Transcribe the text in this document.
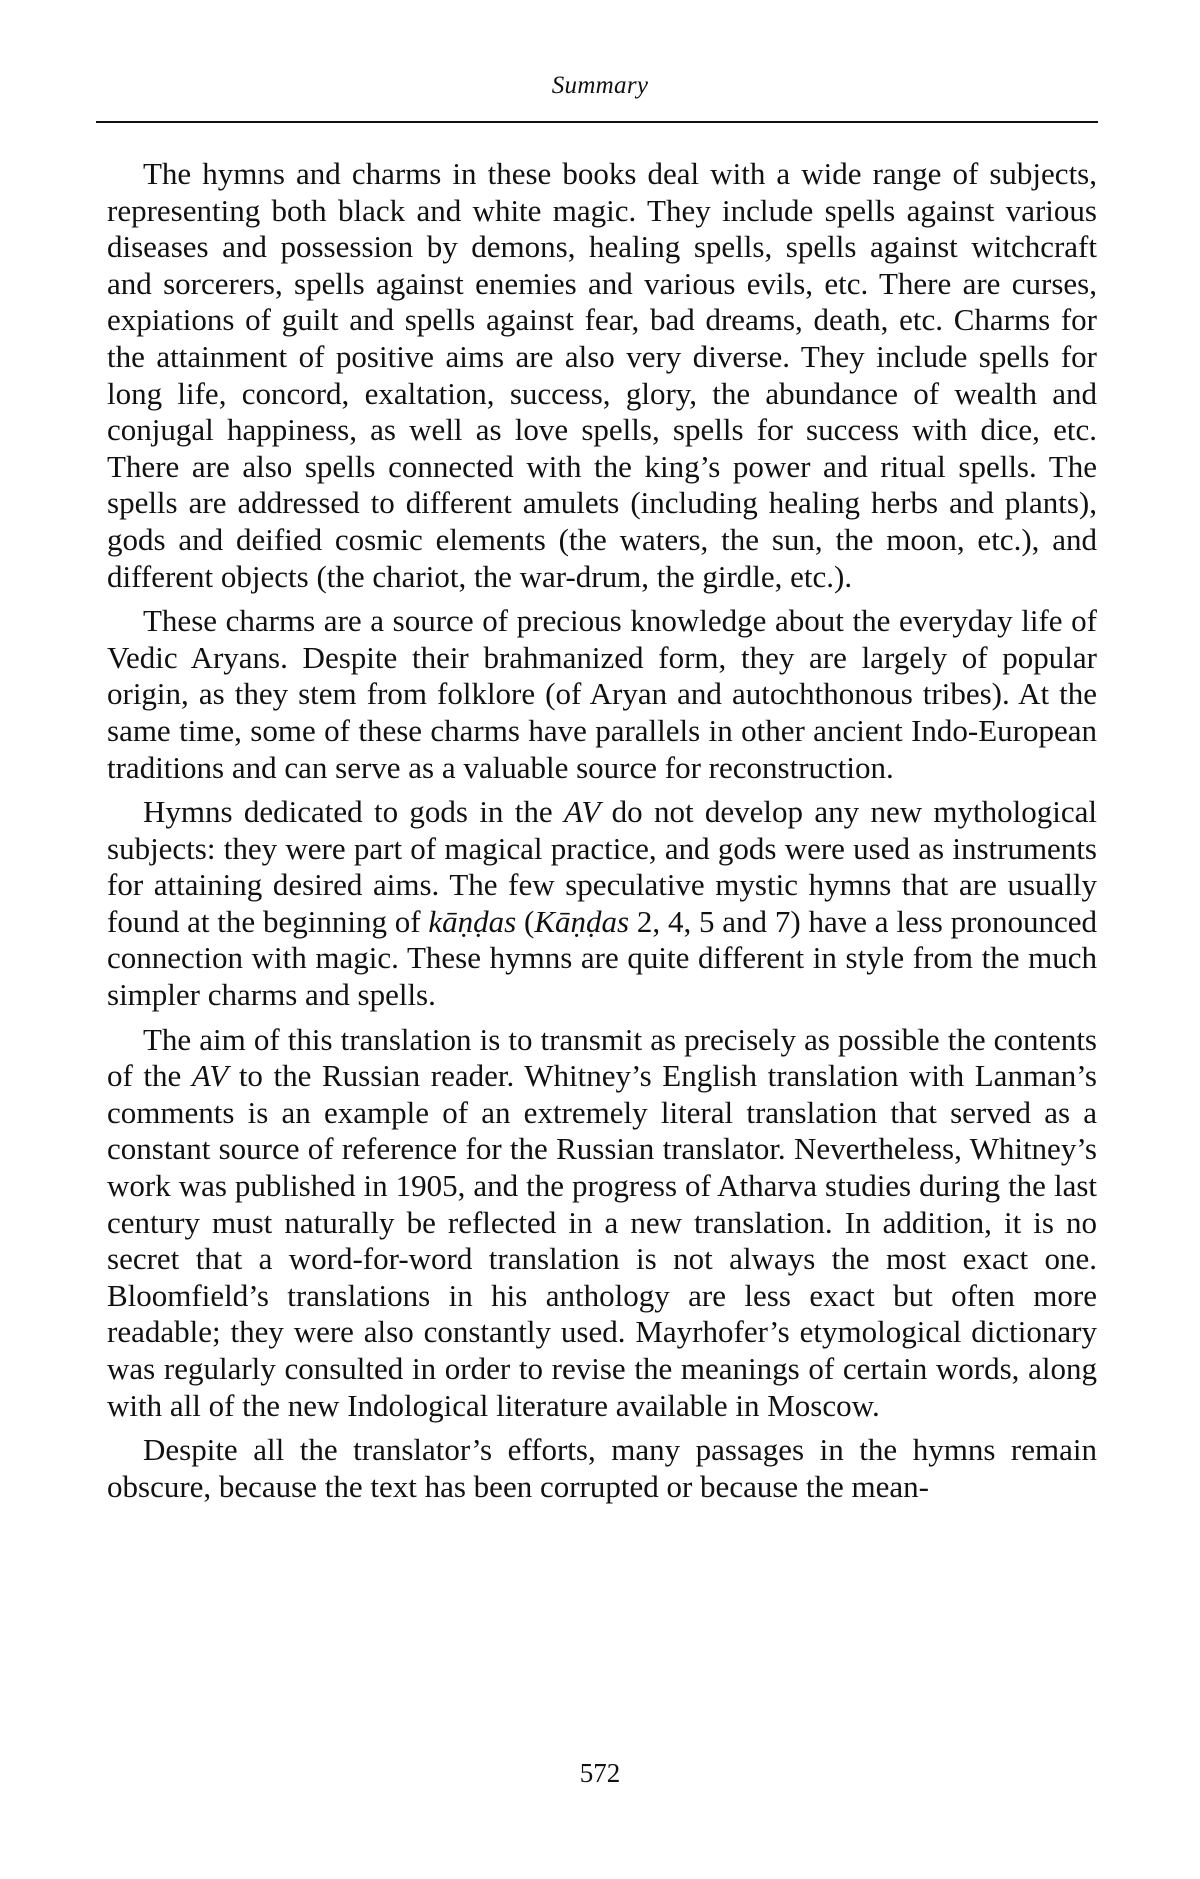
Summary

The hymns and charms in these books deal with a wide range of subjects, representing both black and white magic. They include spells against various diseases and possession by demons, healing spells, spells against witchcraft and sorcerers, spells against enemies and various evils, etc. There are curses, expiations of guilt and spells against fear, bad dreams, death, etc. Charms for the attainment of positive aims are also very diverse. They include spells for long life, concord, exaltation, success, glory, the abundance of wealth and conjugal happiness, as well as love spells, spells for success with dice, etc. There are also spells connected with the king’s power and ritual spells. The spells are addressed to different amulets (including healing herbs and plants), gods and deified cosmic elements (the waters, the sun, the moon, etc.), and different objects (the chariot, the war-drum, the girdle, etc.).

These charms are a source of precious knowledge about the everyday life of Vedic Aryans. Despite their brahmanized form, they are largely of popular origin, as they stem from folklore (of Aryan and autochthonous tribes). At the same time, some of these charms have parallels in other ancient Indo-European traditions and can serve as a valuable source for reconstruction.

Hymns dedicated to gods in the AV do not develop any new mythological subjects: they were part of magical practice, and gods were used as instruments for attaining desired aims. The few speculative mystic hymns that are usually found at the beginning of kāṇḍas (Kāṇḍas 2, 4, 5 and 7) have a less pronounced connection with magic. These hymns are quite different in style from the much simpler charms and spells.

The aim of this translation is to transmit as precisely as possible the contents of the AV to the Russian reader. Whitney’s English translation with Lanman’s comments is an example of an extremely literal translation that served as a constant source of reference for the Russian translator. Nevertheless, Whitney’s work was published in 1905, and the progress of Atharva studies during the last century must naturally be reflected in a new translation. In addition, it is no secret that a word-for-word translation is not always the most exact one. Bloomfield’s translations in his anthology are less exact but often more readable; they were also constantly used. Mayrhofer’s etymological dictionary was regularly consulted in order to revise the meanings of certain words, along with all of the new Indological literature available in Moscow.

Despite all the translator’s efforts, many passages in the hymns remain obscure, because the text has been corrupted or because the mean-

572
